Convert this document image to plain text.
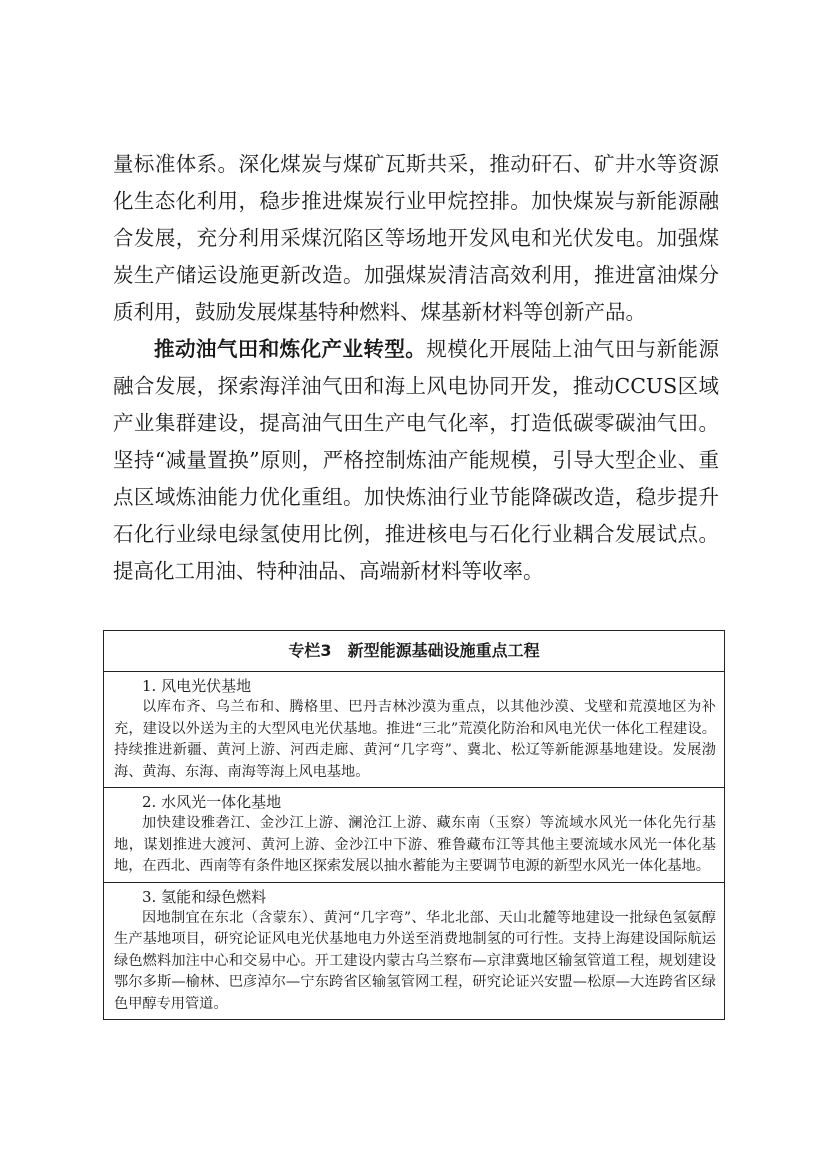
量标准体系。深化煤炭与煤矿瓦斯共采，推动矸石、矿井水等资源化生态化利用，稳步推进煤炭行业甲烷控排。加快煤炭与新能源融合发展，充分利用采煤沉陷区等场地开发风电和光伏发电。加强煤炭生产储运设施更新改造。加强煤炭清洁高效利用，推进富油煤分质利用，鼓励发展煤基特种燃料、煤基新材料等创新产品。

推动油气田和炼化产业转型。规模化开展陆上油气田与新能源融合发展，探索海洋油气田和海上风电协同开发，推动CCUS区域产业集群建设，提高油气田生产电气化率，打造低碳零碳油气田。坚持“减量置换”原则，严格控制炼油产能规模，引导大型企业、重点区域炼油能力优化重组。加快炼油行业节能降碳改造，稳步提升石化行业绿电绿氢使用比例，推进核电与石化行业耦合发展试点。提高化工用油、特种油品、高端新材料等收率。

专栏3 新型能源基础设施重点工程
1. 风电光伏基地

以库布齐、乌兰布和、腾格里、巴丹吉林沙漠为重点，以其他沙漠、戈壁和荒漠地区为补充，建设以外送为主的大型风电光伏基地。推进“三北”荒漠化防治和风电光伏一体化工程建设。持续推进新疆、黄河上游、河西走廊、黄河“几字弯”、冀北、松辽等新能源基地建设。发展渤海、黄海、东海、南海等海上风电基地。

2. 水风光一体化基地

加快建设雅砻江、金沙江上游、澜沧江上游、藏东南（玉察）等流域水风光一体化先行基地，谋划推进大渡河、黄河上游、金沙江中下游、雅鲁藏布江等其他主要流域水风光一体化基地，在西北、西南等有条件地区探索发展以抽水蓄能为主要调节电源的新型水风光一体化基地。

3. 氢能和绿色燃料

因地制宜在东北（含蒙东）、黄河“几字弯”、华北北部、天山北麓等地建设一批绿色氢氨醇生产基地项目，研究论证风电光伏基地电力外送至消费地制氢的可行性。支持上海建设国际航运绿色燃料加注中心和交易中心。开工建设内蒙古乌兰察布—京津冀地区输氢管道工程，规划建设鄂尔多斯—榆林、巴彦淖尔—宁东跨省区输氢管网工程，研究论证兴安盟—松原—大连跨省区绿色甲醇专用管道。
